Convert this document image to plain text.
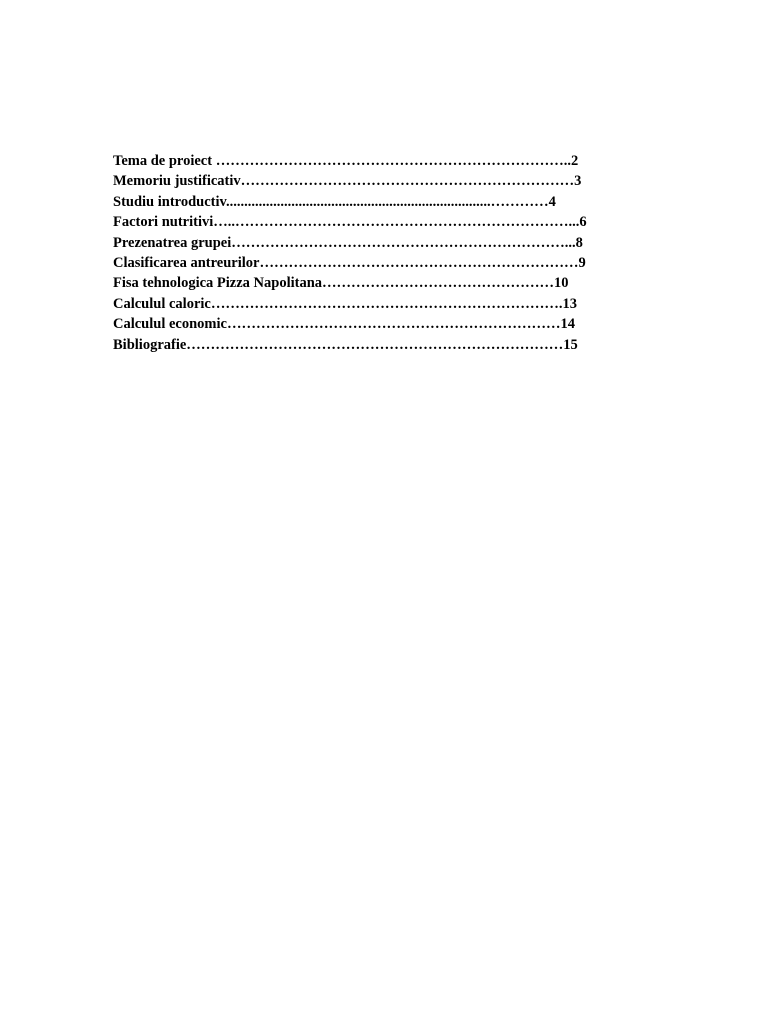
Tema de proiect ………………………………………………………………..2
Memoriu justificativ……………………………………………………………3
Studiu introductiv.........................................................................…………4
Factori nutritivi…..……………………………………………………………...6
Prezenatrea grupei……………………………………………………………...8
Clasificarea antreurilor…………………………………………………………9
Fisa tehnologica Pizza Napolitana…………………………………………10
Calculul caloric……………………………………………………………….13
Calculul economic……………………………………………………………14
Bibliografie……………………………………………………………………15
